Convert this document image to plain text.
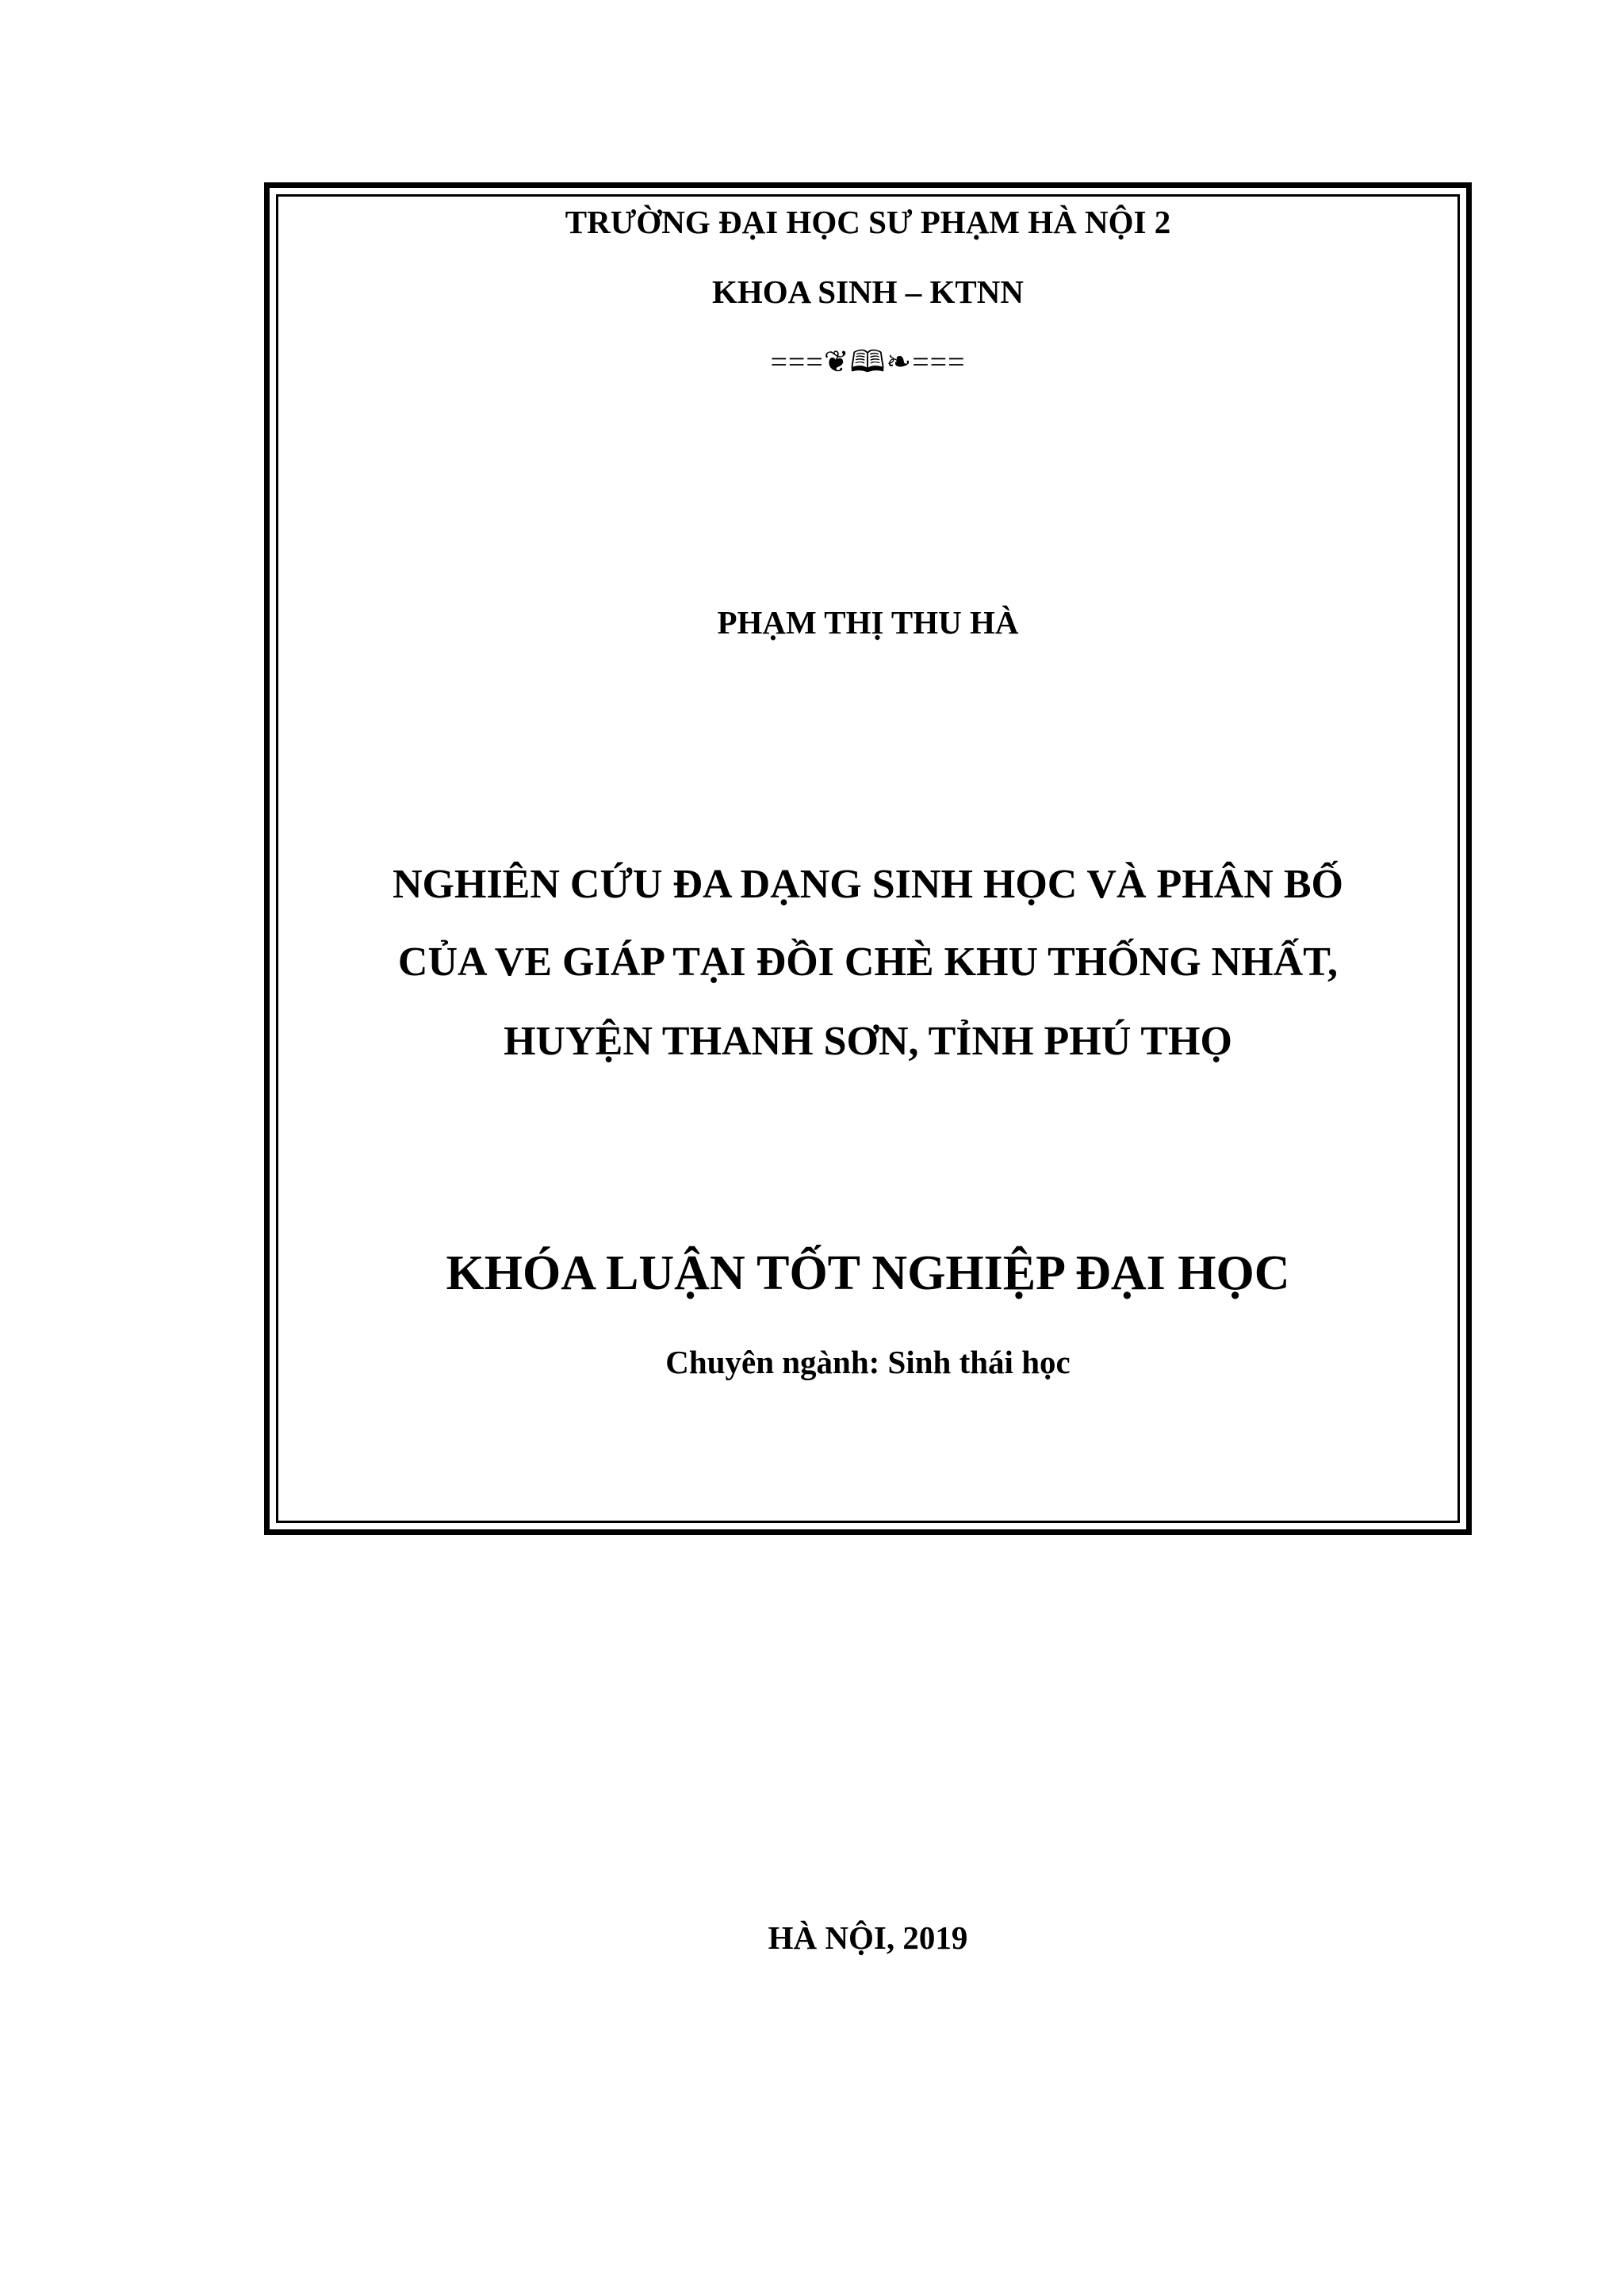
TRƯỜNG ĐẠI HỌC SƯ PHẠM HÀ NỘI 2
KHOA SINH – KTNN
===❦🕮❧===
PHẠM THỊ THU HÀ
NGHIÊN CỨU ĐA DẠNG SINH HỌC VÀ PHÂN BỐ
CỦA VE GIÁP TẠI ĐỒI CHÈ KHU THỐNG NHẤT,
HUYỆN THANH SƠN, TỈNH PHÚ THỌ
KHÓA LUẬN TỐT NGHIỆP ĐẠI HỌC
Chuyên ngành: Sinh thái học
HÀ NỘI, 2019
